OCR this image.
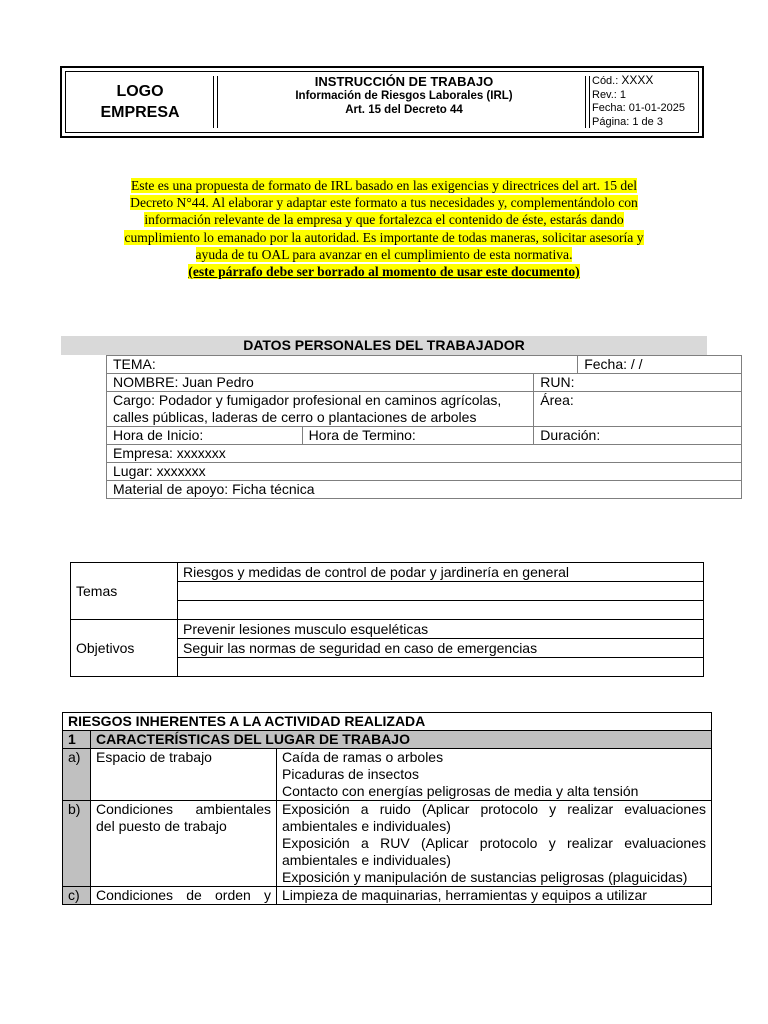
LOGO
EMPRESA
INSTRUCCIÓN DE TRABAJO
Información de Riesgos Laborales (IRL)
Art. 15 del Decreto 44
Cód.: XXXX
Rev.: 1
Fecha: 01-01-2025
Página: 1 de 3
Este es una propuesta de formato de IRL basado en las exigencias y directrices del art. 15 del Decreto N°44. Al elaborar y adaptar este formato a tus necesidades y, complementándolo con información relevante de la empresa y que fortalezca el contenido de éste, estarás dando cumplimiento lo emanado por la autoridad. Es importante de todas maneras, solicitar asesoría y ayuda de tu OAL para avanzar en el cumplimiento de esta normativa.
(este párrafo debe ser borrado al momento de usar este documento)
DATOS PERSONALES DEL TRABAJADOR
TEMA:			Fecha: / /
NOMBRE: Juan Pedro		RUN:	
Cargo: Podador y fumigador profesional en caminos agrícolas, calles públicas, laderas de cerro o plantaciones de arboles		Área:	
Hora de Inicio:	Hora de Termino:	Duración:	
Empresa: xxxxxxx			
Lugar: xxxxxxx			
Material de apoyo: Ficha técnica			
Temas	Riesgos y medidas de control de podar y jardinería en general

Objetivos	Prevenir lesiones musculo esqueléticas
	Seguir las normas de seguridad en caso de emergencias

RIESGOS INHERENTES A LA ACTIVIDAD REALIZADA		
1	CARACTERÍSTICAS DEL LUGAR DE TRABAJO	
a)	Espacio de trabajo	Caída de ramas o arboles
Picaduras de insectos
Contacto con energías peligrosas de media y alta tensión

b)	Condiciones ambientales del puesto de trabajo	Exposición a ruido (Aplicar protocolo y realizar evaluaciones ambientales e individuales)
Exposición a RUV (Aplicar protocolo y realizar evaluaciones ambientales e individuales)
Exposición y manipulación de sustancias peligrosas (plaguicidas)

c)	Condiciones de orden y	Limpieza de maquinarias, herramientas y equipos a utilizar
